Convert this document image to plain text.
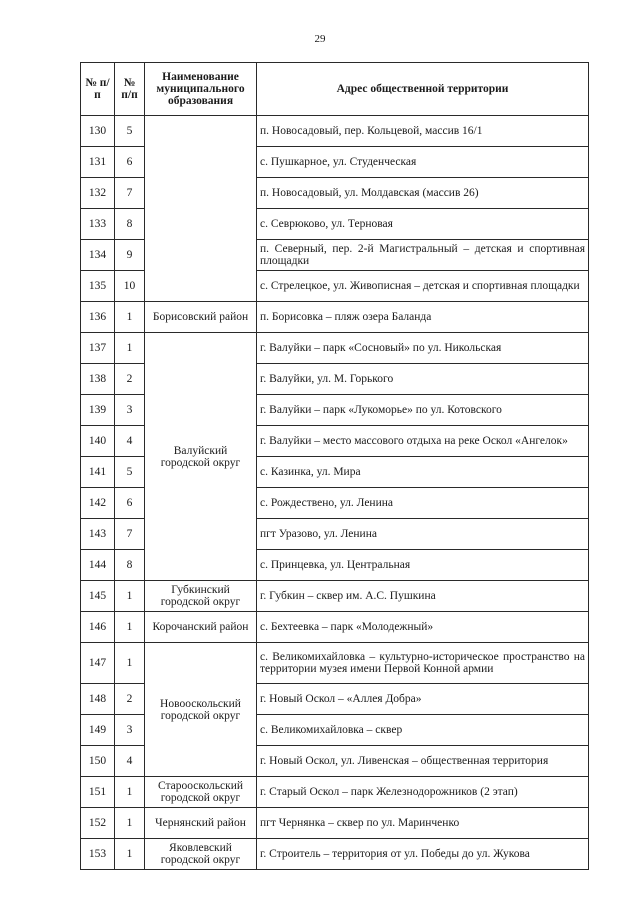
29
№ п/п	№ п/п	Наименование муниципального образования	Адрес общественной территории
130	5		п. Новосадовый, пер. Кольцевой, массив 16/1
131	6		с. Пушкарное, ул. Студенческая
132	7		п. Новосадовый, ул. Молдавская (массив 26)
133	8		с. Севрюково, ул. Терновая
134	9		п. Северный, пер. 2-й Магистральный – детская и спортивная площадки
135	10		с. Стрелецкое, ул. Живописная – детская и спортивная площадки
136	1	Борисовский район	п. Борисовка – пляж озера Баланда
137	1	Валуйский городской округ	г. Валуйки – парк «Сосновый» по ул. Никольская
138	2		г. Валуйки, ул. М. Горького
139	3		г. Валуйки – парк «Лукоморье» по ул. Котовского
140	4		г. Валуйки – место массового отдыха на реке Оскол «Ангелок»
141	5		с. Казинка, ул. Мира
142	6		с. Рождествено, ул. Ленина
143	7		пгт Уразово, ул. Ленина
144	8		с. Принцевка, ул. Центральная
145	1	Губкинский городской округ	г. Губкин – сквер им. А.С. Пушкина
146	1	Корочанский район	с. Бехтеевка – парк «Молодежный»
147	1	Новооскольский городской округ	с. Великомихайловка – культурно-историческое пространство на территории музея имени Первой Конной армии
148	2		г. Новый Оскол – «Аллея Добра»
149	3		с. Великомихайловка – сквер
150	4		г. Новый Оскол, ул. Ливенская – общественная территория
151	1	Старооскольский городской округ	г. Старый Оскол – парк Железнодорожников (2 этап)
152	1	Чернянский район	пгт Чернянка – сквер по ул. Маринченко
153	1	Яковлевский городской округ	г. Строитель – территория от ул. Победы до ул. Жукова
